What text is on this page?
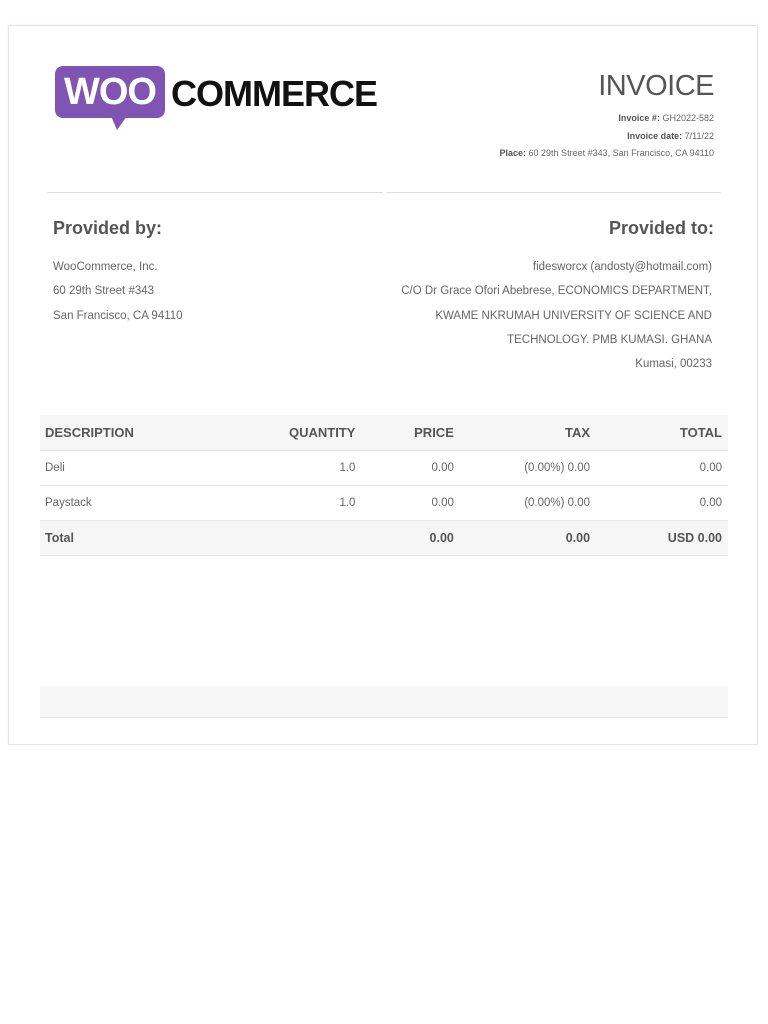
WOO COMMERCE	INVOICE
Invoice #: GH2022-582
Invoice date: 7/11/22
Place: 60 29th Street #343, San Francisco, CA 94110
Provided by:	Provided to:
WooCommerce, Inc.
60 29th Street #343
San Francisco, CA 94110
fidesworcx (andosty@hotmail.com)
C/O Dr Grace Ofori Abebrese, ECONOMICS DEPARTMENT,
KWAME NKRUMAH UNIVERSITY OF SCIENCE AND
TECHNOLOGY. PMB KUMASI. GHANA
Kumasi, 00233
DESCRIPTION	QUANTITY	PRICE	TAX	TOTAL
Deli	1.0	0.00	(0.00%) 0.00	0.00
Paystack	1.0	0.00	(0.00%) 0.00	0.00
Total		0.00	0.00	USD 0.00
